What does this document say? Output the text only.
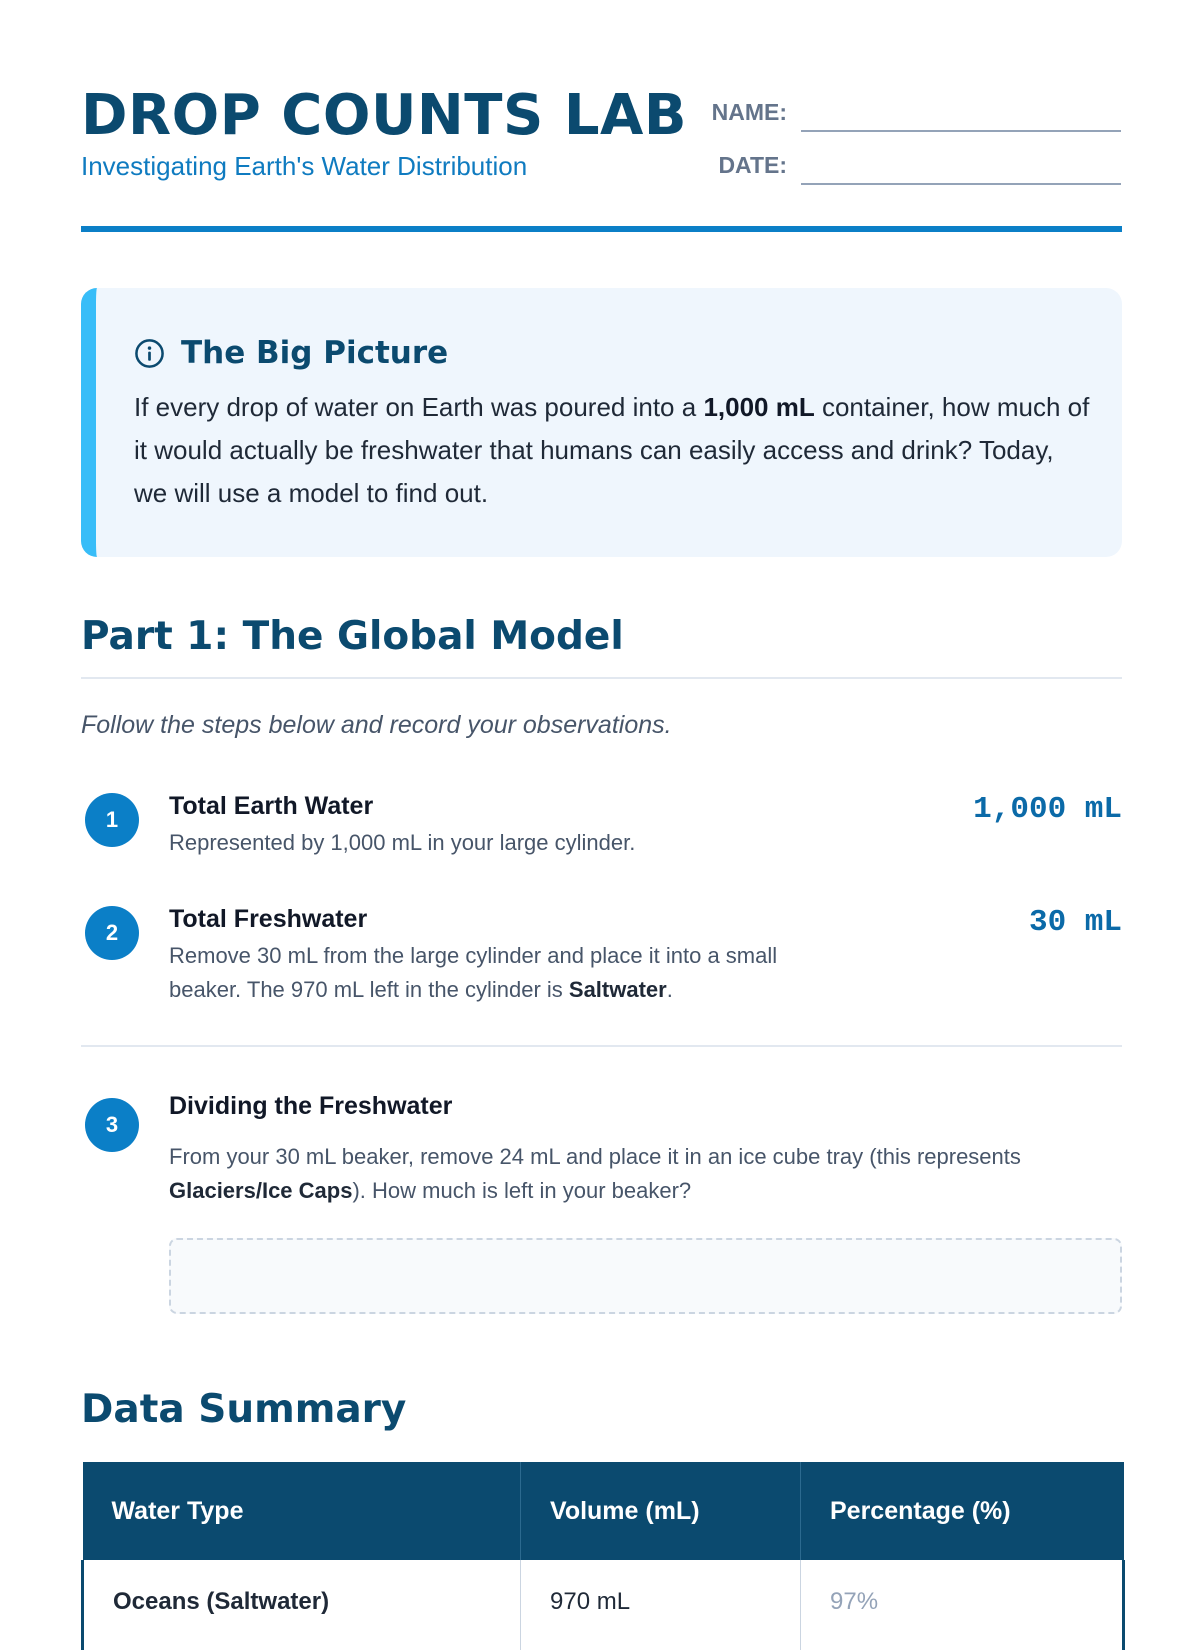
DROP COUNTS LAB
Investigating Earth's Water Distribution
NAME:
DATE:
The Big Picture

If every drop of water on Earth was poured into a 1,000 mL container, how much of it would actually be freshwater that humans can easily access and drink? Today, we will use a model to find out.

Part 1: The Global Model

Follow the steps below and record your observations.

1	Total Earth Water

Represented by 1,000 mL in your large cylinder.

1,000 mL
2	Total Freshwater

Remove 30 mL from the large cylinder and place it into a small beaker. The 970 mL left in the cylinder is Saltwater.

30 mL
3
Dividing the Freshwater

From your 30 mL beaker, remove 24 mL and place it in an ice cube tray (this represents Glaciers/Ice Caps). How much is left in your beaker?

Data Summary
Water Type	Volume (mL)	Percentage (%)
Oceans (Saltwater)	970 mL	97%
